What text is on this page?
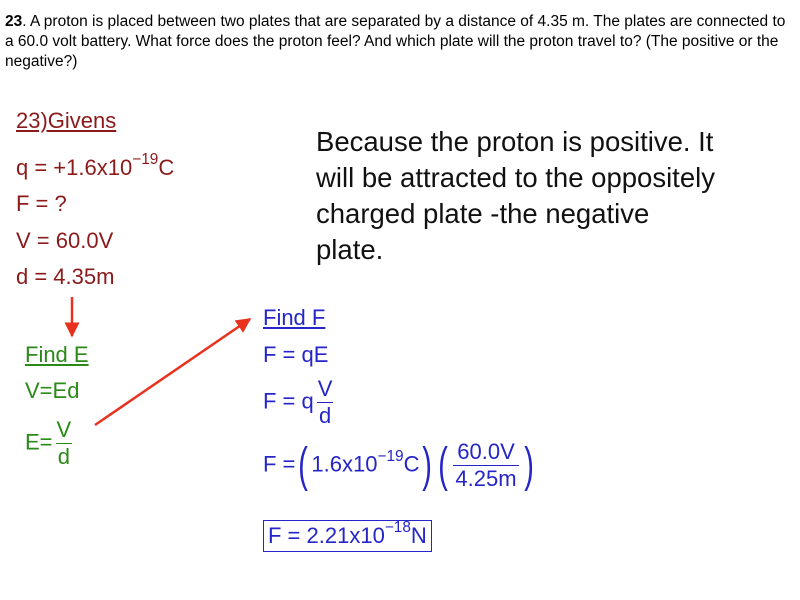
23. A proton is placed between two plates that are separated by a distance of 4.35 m. The plates are connected to a 60.0 volt battery. What force does the proton feel? And which plate will the proton travel to? (The positive or the negative?)
23)Givens
$q = +1.6x10^{-19}C$
F = ?
V = 60.0V
d = 4.35m
Because the proton is positive. It will be attracted to the oppositely charged plate -the negative plate.
Find E
V=Ed
$E= \frac{V}{d}$
Find F
F = qE
F = q $\frac{V}{d}$
F =( $1.6x10^{-19}C$) ( $\frac{60.0V}{4.25m}$ )
$F = 2.21x10^{-18}N$
